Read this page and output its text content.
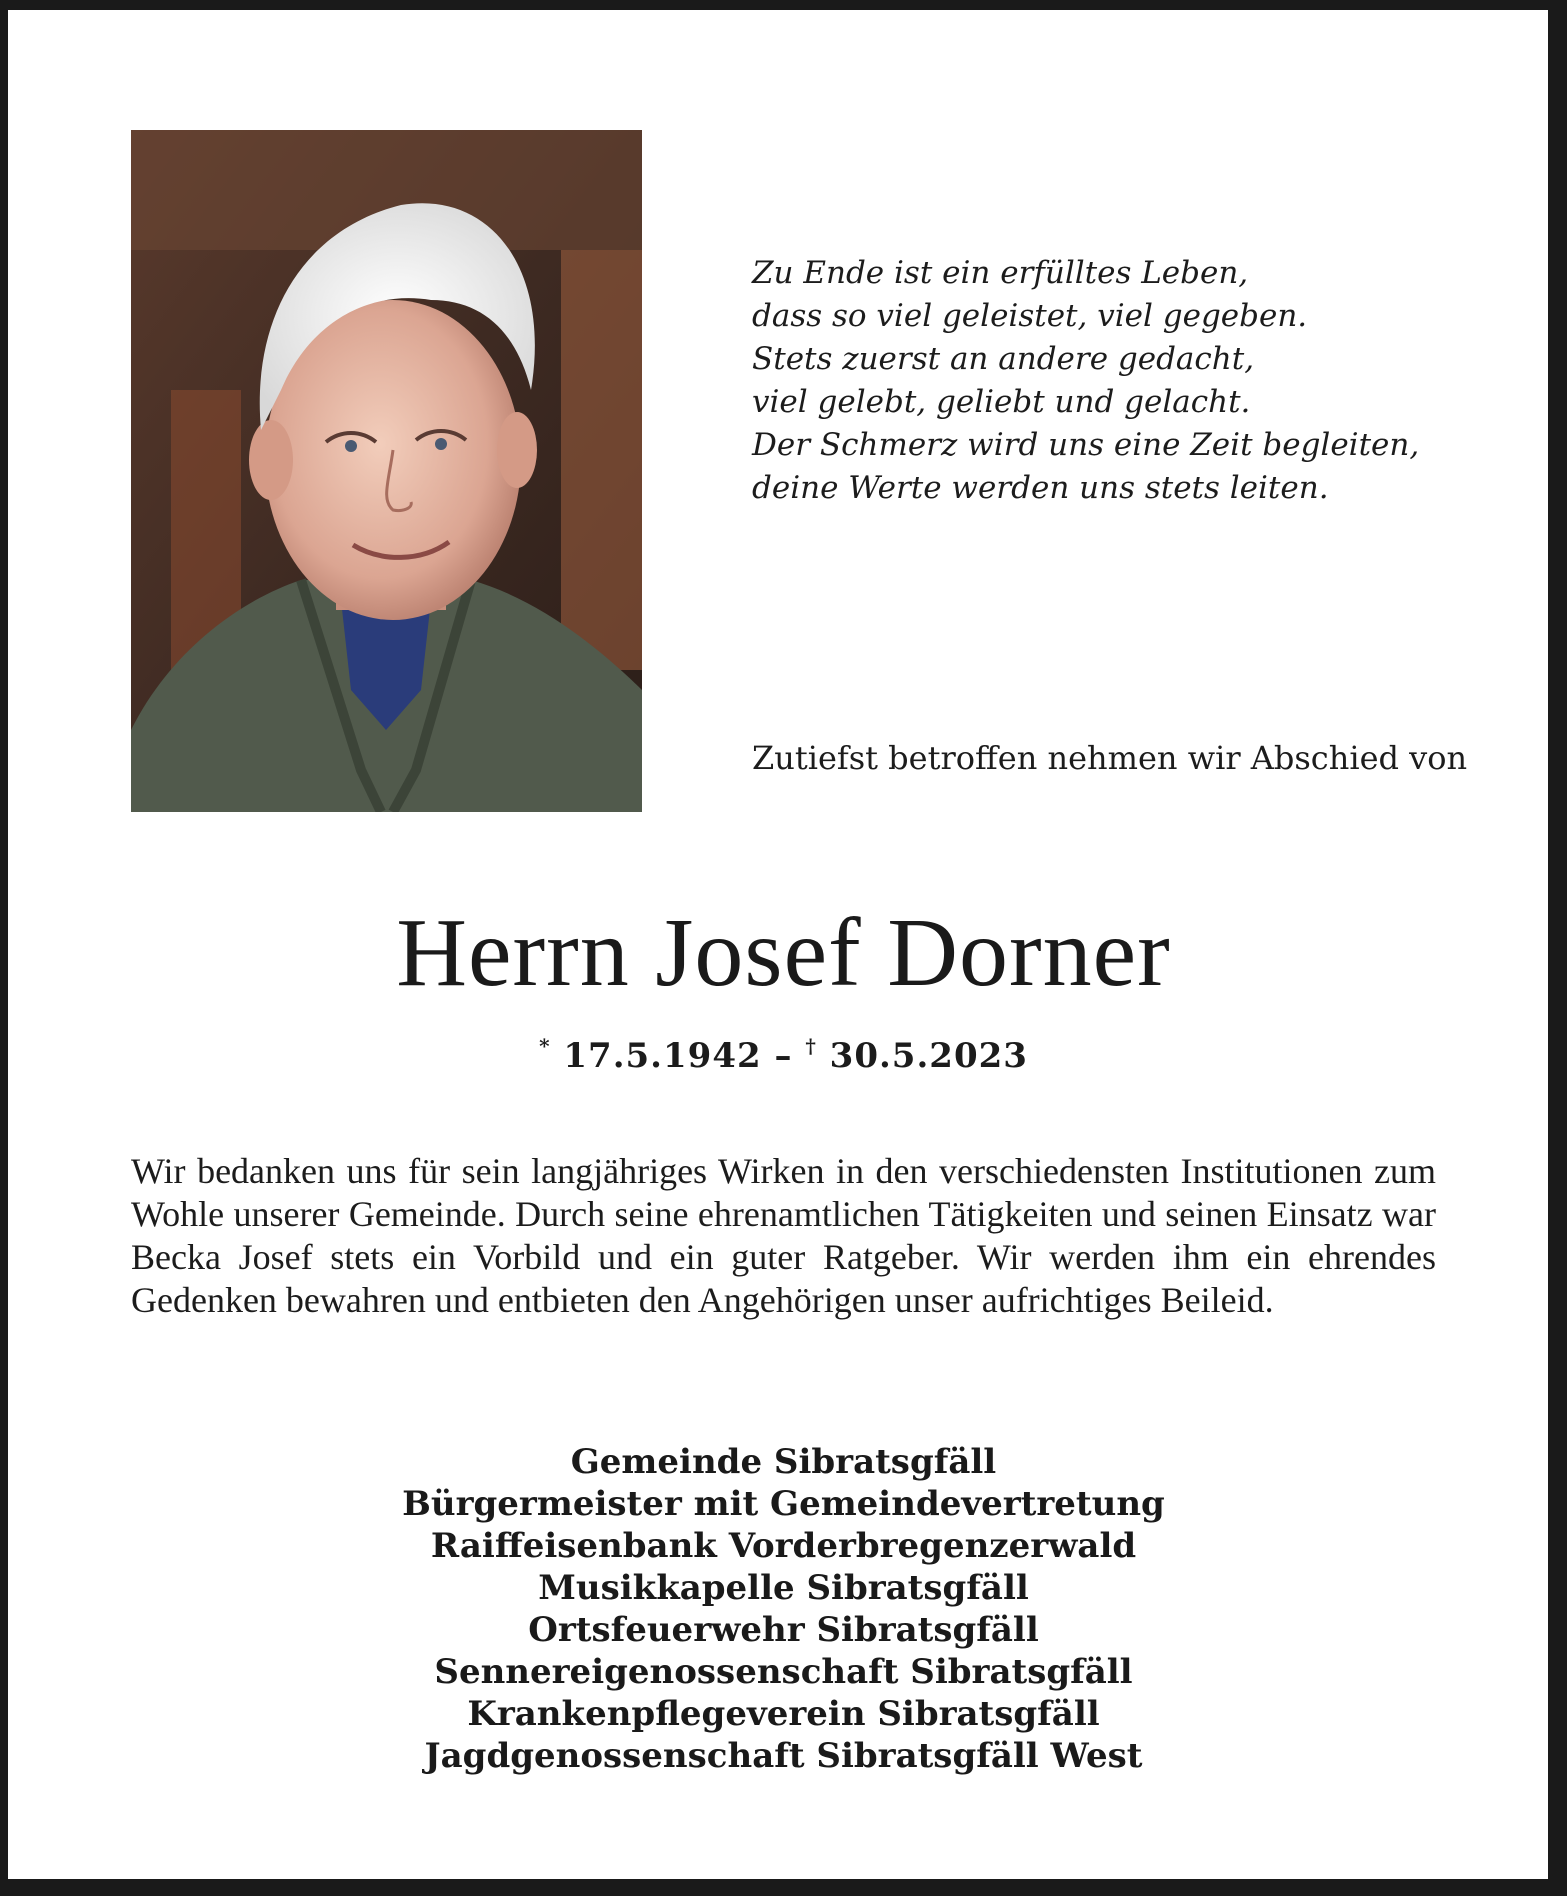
Zu Ende ist ein erfülltes Leben,
dass so viel geleistet, viel gegeben.
Stets zuerst an andere gedacht,
viel gelebt, geliebt und gelacht.
Der Schmerz wird uns eine Zeit begleiten,
deine Werte werden uns stets leiten.
Zutiefst betroffen nehmen wir Abschied von
Herrn Josef Dorner
* 17.5.1942 – † 30.5.2023
Wir bedanken uns für sein langjähriges Wirken in den verschiedensten Institutionen zum Wohle unserer Gemeinde. Durch seine ehrenamtlichen Tätigkeiten und seinen Einsatz war Becka Josef stets ein Vorbild und ein guter Ratgeber. Wir werden ihm ein ehrendes Gedenken bewahren und entbieten den Angehörigen unser aufrichtiges Beileid.
Gemeinde Sibratsgfäll
Bürgermeister mit Gemeindevertretung
Raiffeisenbank Vorderbregenzerwald
Musikkapelle Sibratsgfäll
Ortsfeuerwehr Sibratsgfäll
Sennereigenossenschaft Sibratsgfäll
Krankenpflegeverein Sibratsgfäll
Jagdgenossenschaft Sibratsgfäll West
